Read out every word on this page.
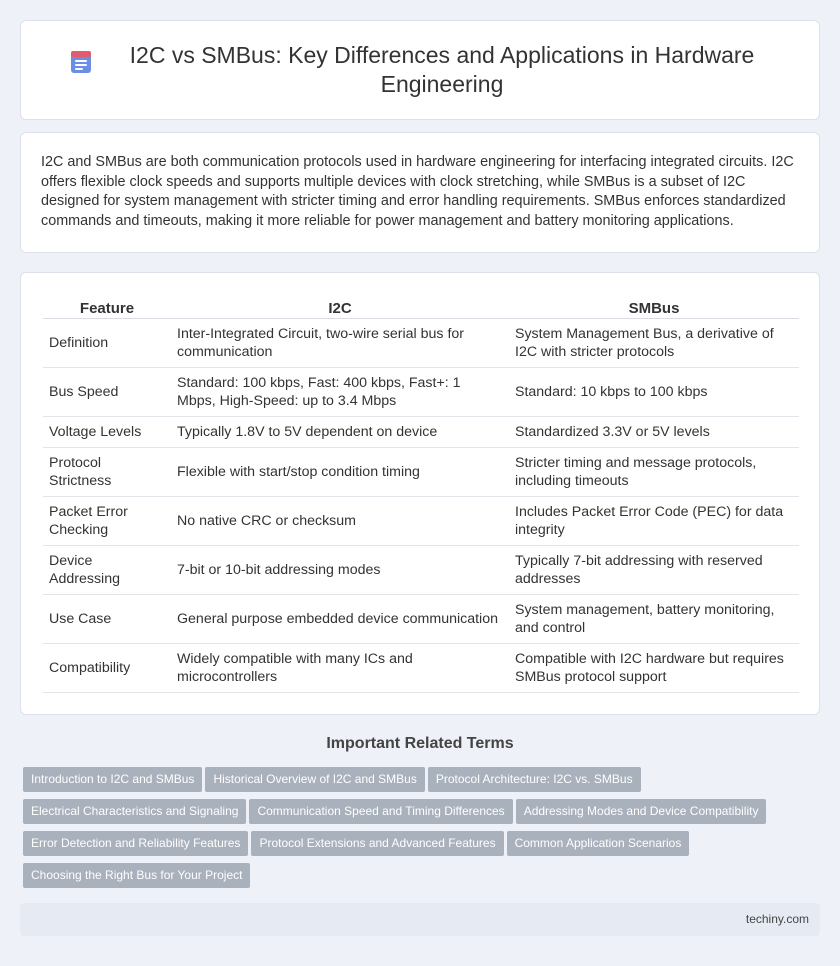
I2C vs SMBus: Key Differences and Applications in Hardware Engineering

I2C and SMBus are both communication protocols used in hardware engineering for interfacing integrated circuits. I2C offers flexible clock speeds and supports multiple devices with clock stretching, while SMBus is a subset of I2C designed for system management with stricter timing and error handling requirements. SMBus enforces standardized commands and timeouts, making it more reliable for power management and battery monitoring applications.

Feature	I2C	SMBus
Definition	Inter-Integrated Circuit, two-wire serial bus for communication	System Management Bus, a derivative of I2C with stricter protocols
Bus Speed	Standard: 100 kbps, Fast: 400 kbps, Fast+: 1 Mbps, High-Speed: up to 3.4 Mbps	Standard: 10 kbps to 100 kbps
Voltage Levels	Typically 1.8V to 5V dependent on device	Standardized 3.3V or 5V levels
Protocol Strictness	Flexible with start/stop condition timing	Stricter timing and message protocols, including timeouts
Packet Error Checking	No native CRC or checksum	Includes Packet Error Code (PEC) for data integrity
Device Addressing	7-bit or 10-bit addressing modes	Typically 7-bit addressing with reserved addresses
Use Case	General purpose embedded device communication	System management, battery monitoring, and control
Compatibility	Widely compatible with many ICs and microcontrollers	Compatible with I2C hardware but requires SMBus protocol support
Important Related Terms
Introduction to I2C and SMBus Historical Overview of I2C and SMBus Protocol Architecture: I2C vs. SMBus
Electrical Characteristics and Signaling Communication Speed and Timing Differences Addressing Modes and Device Compatibility
Error Detection and Reliability Features Protocol Extensions and Advanced Features Common Application Scenarios
Choosing the Right Bus for Your Project
techiny.com
